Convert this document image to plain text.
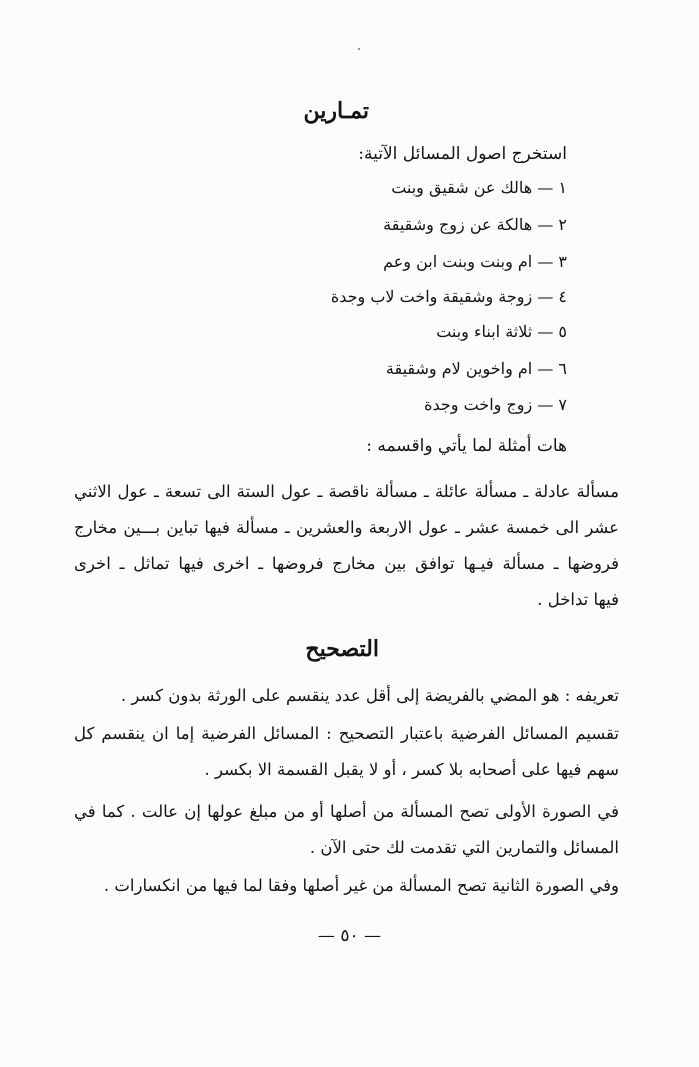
تمـارين
استخرج اصول المسائل الآتية:
١ — هالك عن شقيق وبنت
٢ — هالكة عن زوج وشقيقة
٣ — ام وبنت وبنت ابن وعم
٤ — زوجة وشقيقة واخت لاب وجدة
٥ — ثلاثة ابناء وبنت
٦ — ام واخوين لام وشقيقة
٧ — زوج واخت وجدة
هات أمثلة لما يأتي واقسمه :
مسألة عادلة ـ مسألة عائلة ـ مسألة ناقصة ـ عول الستة الى تسعة ـ عول الاثني
عشر الى خمسة عشر ـ عول الاربعة والعشرين ـ مسألة فيها تباين بـــين مخارج
فروضها ـ مسألة فيـها توافق بين مخارج فروضها ـ اخرى فيها تماثل ـ اخرى
فيها تداخل .
التصحيح
تعريفه : هو المضي بالفريضة إلى أقل عدد ينقسم على الورثة بدون كسر .
تقسيم المسائل الفرضية باعتبار التصحيح : المسائل الفرضية إما ان ينقسم كل
سهم فيها على أصحابه بلا كسر ، أو لا يقبل القسمة الا بكسر .
في الصورة الأولى تصح المسألة من أصلها أو من مبلغ عولها إن عالت . كما في
المسائل والتمارين التي تقدمت لك حتى الآن .
وفي الصورة الثانية تصح المسألة من غير أصلها وفقا لما فيها من انكسارات .
— ٥٠ —
